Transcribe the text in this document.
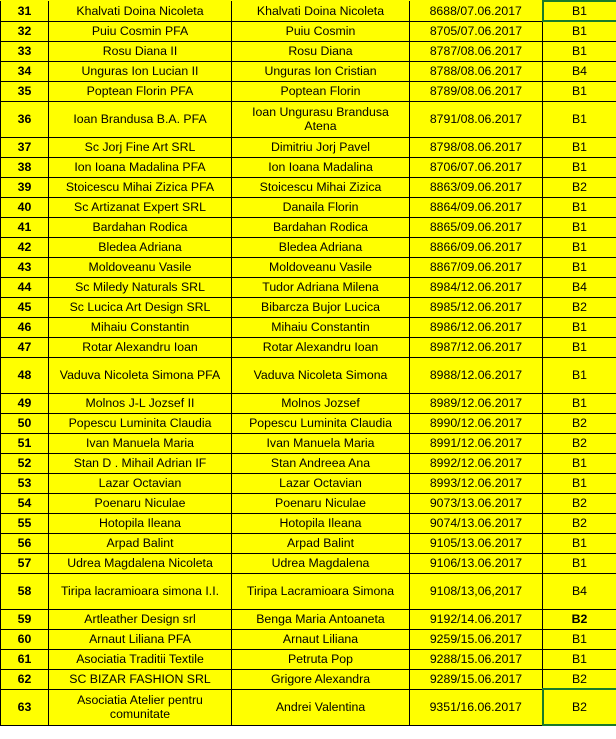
31	Khalvati Doina Nicoleta	Khalvati Doina Nicoleta	8688/07.06.2017	B1
32	Puiu Cosmin PFA	Puiu Cosmin	8705/07.06.2017	B1
33	Rosu Diana II	Rosu Diana	8787/08.06.2017	B1
34	Unguras Ion Lucian II	Unguras Ion Cristian	8788/08.06.2017	B4
35	Poptean Florin PFA	Poptean Florin	8789/08.06.2017	B1
36	Ioan Brandusa B.A. PFA	Ioan Ungurasu Brandusa Atena	8791/08.06.2017	B1
37	Sc Jorj Fine Art SRL	Dimitriu Jorj Pavel	8798/08.06.2017	B1
38	Ion Ioana Madalina PFA	Ion Ioana Madalina	8706/07.06.2017	B1
39	Stoicescu Mihai Zizica PFA	Stoicescu Mihai Zizica	8863/09.06.2017	B2
40	Sc Artizanat Expert SRL	Danaila Florin	8864/09.06.2017	B1
41	Bardahan Rodica	Bardahan Rodica	8865/09.06.2017	B1
42	Bledea Adriana	Bledea Adriana	8866/09.06.2017	B1
43	Moldoveanu Vasile	Moldoveanu Vasile	8867/09.06.2017	B1
44	Sc Miledy Naturals SRL	Tudor Adriana Milena	8984/12.06.2017	B4
45	Sc Lucica Art Design SRL	Bibarcza Bujor Lucica	8985/12.06.2017	B2
46	Mihaiu Constantin	Mihaiu Constantin	8986/12.06.2017	B1
47	Rotar Alexandru Ioan	Rotar Alexandru Ioan	8987/12.06.2017	B1
48	Vaduva Nicoleta Simona PFA	Vaduva Nicoleta Simona	8988/12.06.2017	B1
49	Molnos J-L Jozsef II	Molnos Jozsef	8989/12.06.2017	B1
50	Popescu Luminita Claudia	Popescu Luminita Claudia	8990/12.06.2017	B2
51	Ivan Manuela Maria	Ivan Manuela Maria	8991/12.06.2017	B2
52	Stan D . Mihail Adrian IF	Stan Andreea Ana	8992/12.06.2017	B1
53	Lazar Octavian	Lazar Octavian	8993/12.06.2017	B1
54	Poenaru Niculae	Poenaru Niculae	9073/13.06.2017	B2
55	Hotopila Ileana	Hotopila Ileana	9074/13.06.2017	B2
56	Arpad Balint	Arpad Balint	9105/13.06.2017	B1
57	Udrea Magdalena Nicoleta	Udrea Magdalena	9106/13.06.2017	B1
58	Tiripa lacramioara simona I.I.	Tiripa Lacramioara Simona	9108/13,06,2017	B4
59	Artleather Design srl	Benga Maria Antoaneta	9192/14.06.2017	B2
60	Arnaut Liliana PFA	Arnaut Liliana	9259/15.06.2017	B1
61	Asociatia Traditii Textile	Petruta Pop	9288/15.06.2017	B1
62	SC BIZAR FASHION SRL	Grigore Alexandra	9289/15.06.2017	B2
63	Asociatia Atelier pentru comunitate	Andrei Valentina	9351/16.06.2017	B2
